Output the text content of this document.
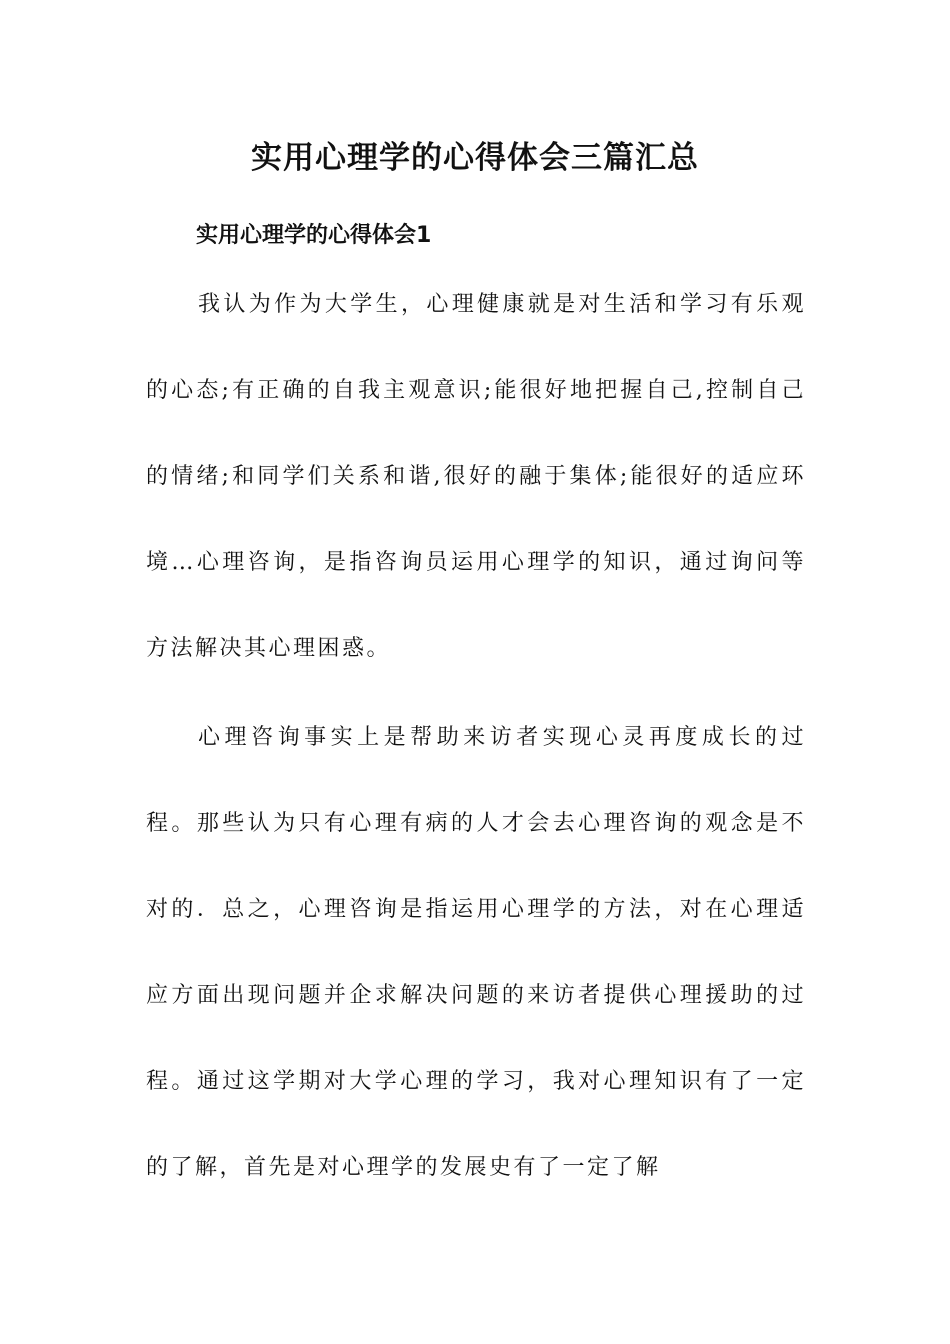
实用心理学的心得体会三篇汇总
实用心理学的心得体会1

我认为作为大学生，心理健康就是对生活和学习有乐观的心态;有正确的自我主观意识;能很好地把握自己,控制自己的情绪;和同学们关系和谐,很好的融于集体;能很好的适应环境…心理咨询，是指咨询员运用心理学的知识，通过询问等方法解决其心理困惑。

心理咨询事实上是帮助来访者实现心灵再度成长的过程。那些认为只有心理有病的人才会去心理咨询的观念是不对的．总之，心理咨询是指运用心理学的方法，对在心理适应方面出现问题并企求解决问题的来访者提供心理援助的过程。通过这学期对大学心理的学习，我对心理知识有了一定的了解，首先是对心理学的发展史有了一定了解
